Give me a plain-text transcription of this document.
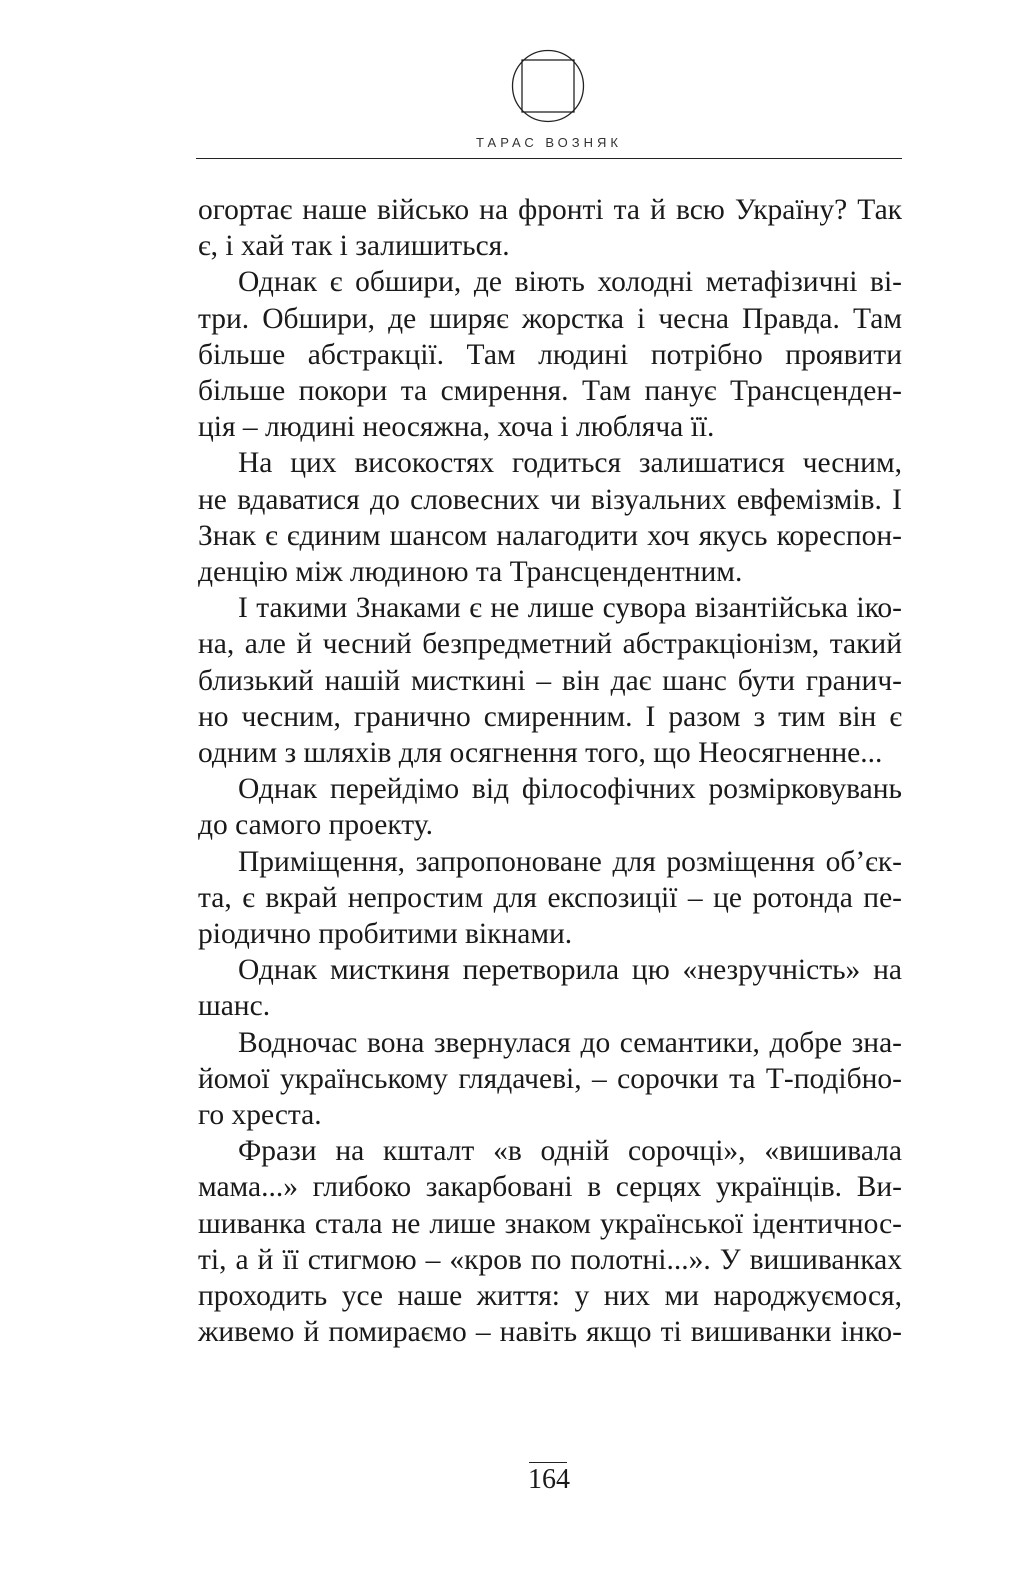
ТАРАС ВОЗНЯК
огортає наше військо на фронті та й всю Україну? Так
є, і хай так і залишиться.
Однак є обшири, де віють холодні метафізичні ві-
три. Обшири, де ширяє жорстка і чесна Правда. Там
більше абстракції. Там людині потрібно проявити
більше покори та смирення. Там панує Трансценден-
ція – людині неосяжна, хоча і любляча її.
На цих високостях годиться залишатися чесним,
не вдаватися до словесних чи візуальних евфемізмів. І
Знак є єдиним шансом налагодити хоч якусь кореспон-
денцію між людиною та Трансцендентним.
І такими Знаками є не лише сувора візантійська іко-
на, але й чесний безпредметний абстракціонізм, такий
близький нашій мисткині – він дає шанс бути гранич-
но чесним, гранично смиренним. І разом з тим він є
одним з шляхів для осягнення того, що Неосягненне...
Однак перейдімо від філософічних розмірковувань
до самого проекту.
Приміщення, запропоноване для розміщення об’єк-
та, є вкрай непростим для експозиції – це ротонда пе-
ріодично пробитими вікнами.
Однак мисткиня перетворила цю «незручність» на
шанс.
Водночас вона звернулася до семантики, добре зна-
йомої українському глядачеві, – сорочки та Т-подібно-
го хреста.
Фрази на кшталт «в одній сорочці», «вишивала
мама...» глибоко закарбовані в серцях українців. Ви-
шиванка стала не лише знаком української ідентичнос-
ті, а й її стигмою – «кров по полотні...». У вишиванках
проходить усе наше життя: у них ми народжуємося,
живемо й помираємо – навіть якщо ті вишиванки інко-
164
